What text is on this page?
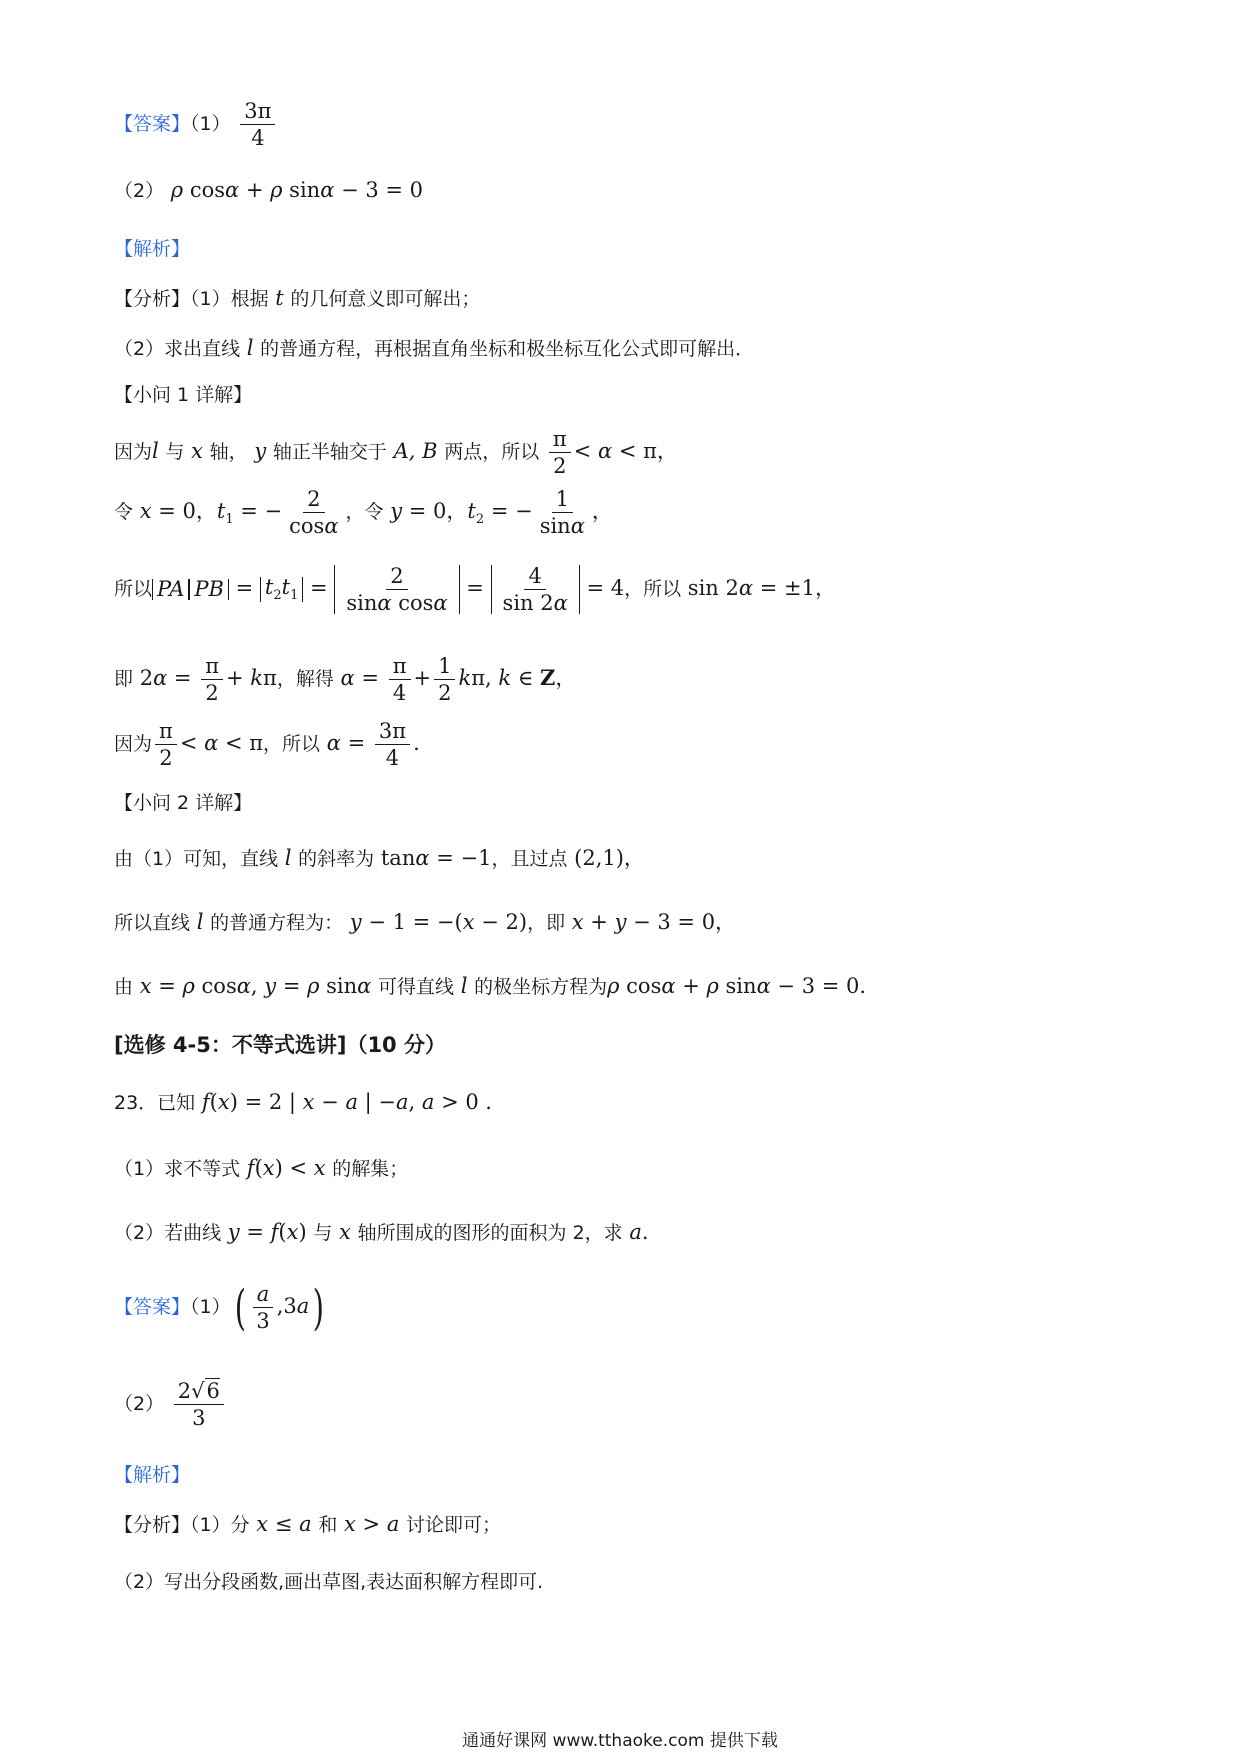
【答案】$(1) \frac{3\pi}{4}$
（2） ρ cosα + ρ sinα − 3 = 0
【解析】
【分析】（1）根据 t 的几何意义即可解出；
（2）求出直线 l 的普通方程，再根据直角坐标和极坐标互化公式即可解出．
【小问 1 详解】
因为l 与 x 轴， y 轴正半轴交于 A, B 两点，所以 $\frac{\pi}{2} < \alpha < \pi$，
令 x = 0，$t_1$ = − $\frac{2}{\cos\alpha}$ ，令 y = 0，$t_2$ = − $\frac{1}{\sin\alpha}$ ，
所以 PA PB = $t_2t_1 = \frac{2}{\text{sinα cosα}} = \frac{4}{\sin 2\alpha} = 4$，所以 sin 2α = ±1，
即 $2\alpha = \frac{\pi}{2} + k\pi$，解得 $\alpha = \frac{\pi}{4} + \frac{1}{2} k\pi$, k ∈ Z，
因为 $\frac{\pi}{2} < \alpha < \pi$，所以 $\alpha = \frac{3\pi}{4}$ .
【小问 2 详解】
由（1）可知，直线 l 的斜率为 tanα = −1，且过点 (2,1)，
所以直线 l 的普通方程为： y − 1 = −(x − 2)，即 x + y − 3 = 0，
由 x = ρ cosα, y = ρ sinα 可得直线 l 的极坐标方程为ρ cosα + ρ sinα − 3 = 0.
[选修 4-5：不等式选讲]（10 分）
23．已知 f(x) = 2 | x − a | −a, a > 0 ．
（1）求不等式 f(x) < x 的解集；
（2）若曲线 y = f(x) 与 x 轴所围成的图形的面积为 2，求 a.
【答案】$(1)( \frac{a}{3} ,3a)$
$(2) \frac{2√6}{3}$
【解析】
【分析】（1）分 x ≤ a 和 x > a 讨论即可；
（2）写出分段函数,画出草图,表达面积解方程即可.
通通好课网 www.tthaoke.com 提供下载
